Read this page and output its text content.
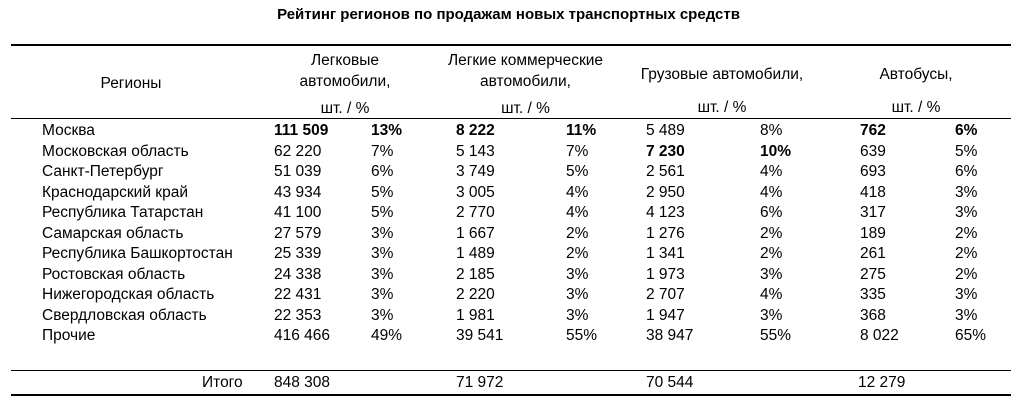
Рейтинг регионов по продажам новых транспортных средств
Регионы
Легковые
автомобили,
шт. / %
Легкие коммерческие
автомобили,
шт. / %
Грузовые автомобили,
шт. / %
Автобусы,
шт. / %
Москва	111 509	13%	8 222	11%	5 489	8%	762	6%
Московская область	62 220	7%	5 143	7%	7 230	10%	639	5%
Санкт-Петербург	51 039	6%	3 749	5%	2 561	4%	693	6%
Краснодарский край	43 934	5%	3 005	4%	2 950	4%	418	3%
Республика Татарстан	41 100	5%	2 770	4%	4 123	6%	317	3%
Самарская область	27 579	3%	1 667	2%	1 276	2%	189	2%
Республика Башкортостан	25 339	3%	1 489	2%	1 341	2%	261	2%
Ростовская область	24 338	3%	2 185	3%	1 973	3%	275	2%
Нижегородская область	22 431	3%	2 220	3%	2 707	4%	335	3%
Свердловская область	22 353	3%	1 981	3%	1 947	3%	368	3%
Прочие	416 466	49%	39 541	55%	38 947	55%	8 022	65%
Итого 848 308	71 972	70 544	12 279
